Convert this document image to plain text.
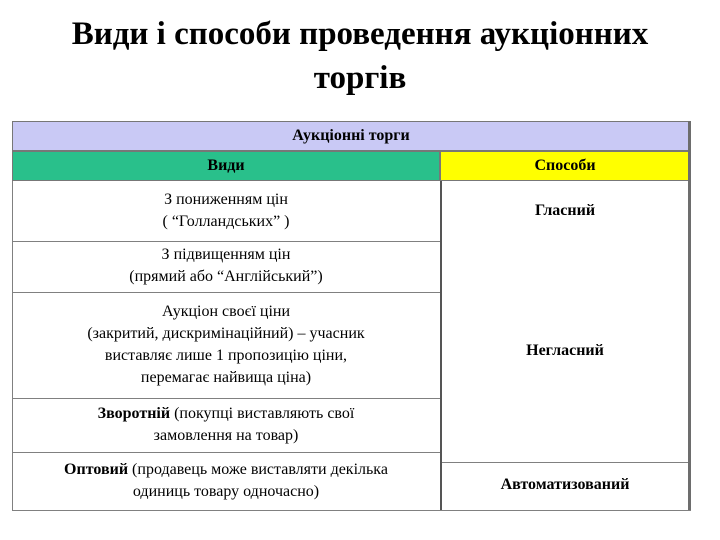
Види і способи проведення аукціонних
торгів
Аукціонні торги
Види	Способи
З пониженням цін
( “Голландських” )
З підвищенням цін
(прямий або “Англійський”)
Аукціон своєї ціни
(закритий, дискримінаційний) – учасник
виставляє лише 1 пропозицію ціни,
перемагає найвища ціна)
Зворотній (покупці виставляють свої
замовлення на товар)
Оптовий (продавець може виставляти декілька
одиниць товару одночасно)
Гласний
Негласний
Автоматизований
